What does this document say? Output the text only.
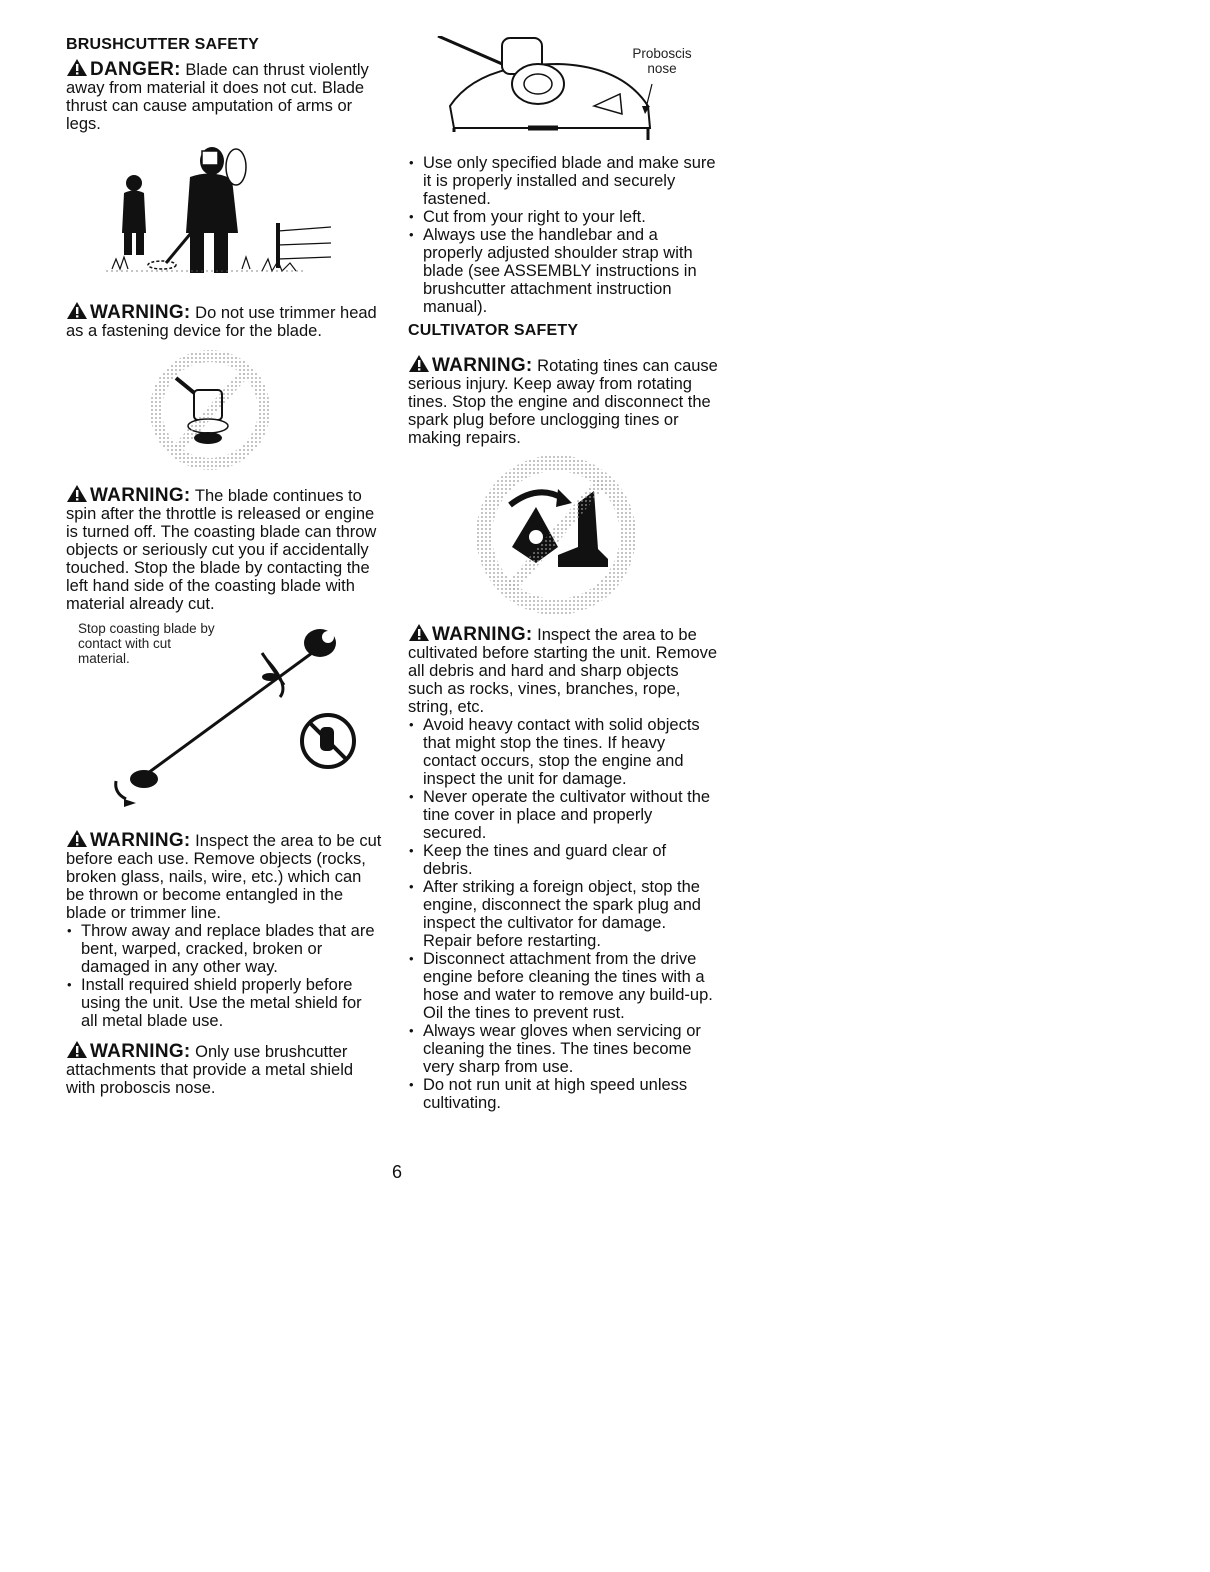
BRUSHCUTTER SAFETY

DANGER: Blade can thrust violently away from material it does not cut. Blade thrust can cause amputation of arms or legs.

WARNING: Do not use trimmer head as a fastening device for the blade.

WARNING: The blade continues to spin after the throttle is released or engine is turned off. The coasting blade can throw objects or seriously cut you if accidentally touched. Stop the blade by contacting the left hand side of the coasting blade with material already cut.

Stop coasting blade by contact with cut material.

WARNING: Inspect the area to be cut before each use. Remove objects (rocks, broken glass, nails, wire, etc.) which can be thrown or become entangled in the blade or trimmer line.

• Throw away and replace blades that are bent, warped, cracked, broken or damaged in any other way.
• Install required shield properly before using the unit. Use the metal shield for all metal blade use.

WARNING: Only use brushcutter attachments that provide a metal shield with proboscis nose.

Proboscis nose
• Use only specified blade and make sure it is properly installed and securely fastened.
• Cut from your right to your left.
• Always use the handlebar and a properly adjusted shoulder strap with blade (see ASSEMBLY instructions in brushcutter attachment instruction manual).
CULTIVATOR SAFETY

WARNING: Rotating tines can cause serious injury. Keep away from rotating tines. Stop the engine and disconnect the spark plug before unclogging tines or making repairs.

WARNING: Inspect the area to be cultivated before starting the unit. Remove all debris and hard and sharp objects such as rocks, vines, branches, rope, string, etc.

• Avoid heavy contact with solid objects that might stop the tines. If heavy contact occurs, stop the engine and inspect the unit for damage.
• Never operate the cultivator without the tine cover in place and properly secured.
• Keep the tines and guard clear of debris.
• After striking a foreign object, stop the engine, disconnect the spark plug and inspect the cultivator for damage. Repair before restarting.
• Disconnect attachment from the drive engine before cleaning the tines with a hose and water to remove any build-up. Oil the tines to prevent rust.
• Always wear gloves when servicing or cleaning the tines. The tines become very sharp from use.
• Do not run unit at high speed unless cultivating.
6
